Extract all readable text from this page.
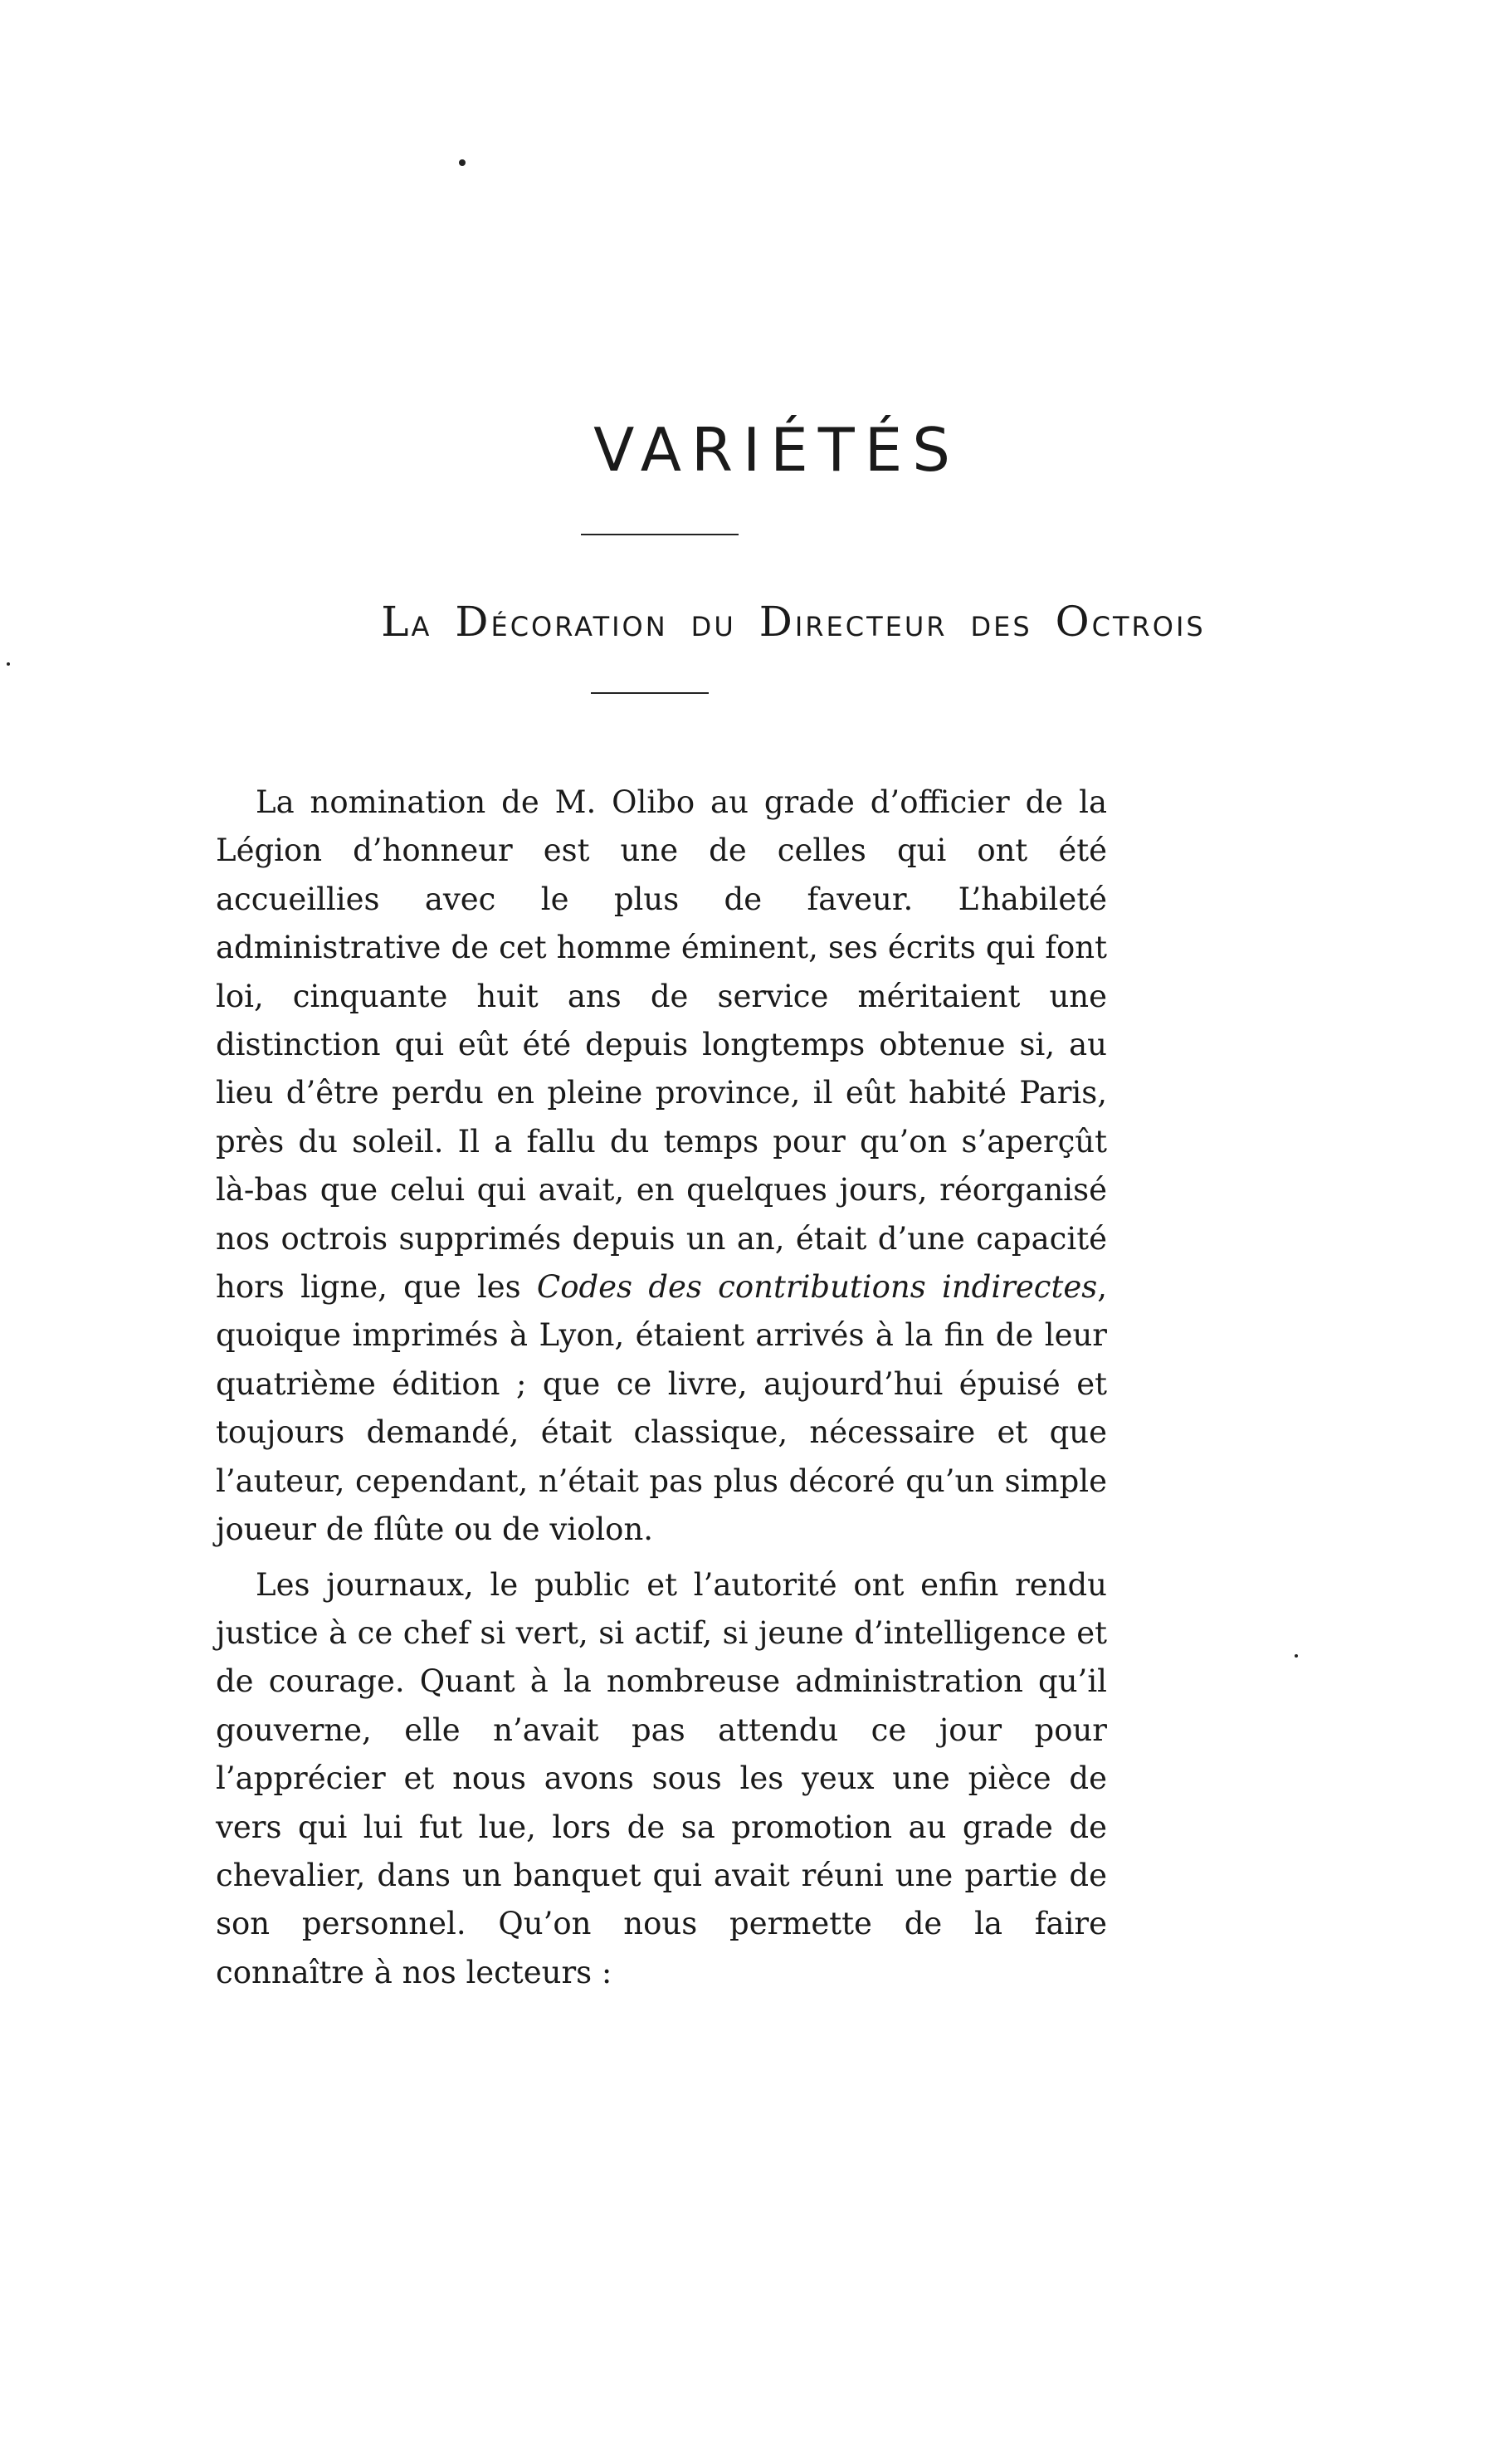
VARIÉTÉS
LA DÉCORATION DU DIRECTEUR DES OCTROIS

La nomination de M. Olibo au grade d’officier de la Légion d’honneur est une de celles qui ont été accueillies avec le plus de faveur. L’habileté administrative de cet homme éminent, ses écrits qui font loi, cinquante huit ans de service méritaient une distinction qui eût été depuis longtemps obtenue si, au lieu d’être perdu en pleine province, il eût habité Paris, près du soleil. Il a fallu du temps pour qu’on s’aperçût là-bas que celui qui avait, en quelques jours, réorganisé nos octrois supprimés depuis un an, était d’une capacité hors ligne, que les Codes des contributions indirectes, quoique imprimés à Lyon, étaient arrivés à la fin de leur quatrième édition ; que ce livre, aujourd’hui épuisé et toujours demandé, était classique, nécessaire et que l’auteur, cependant, n’était pas plus décoré qu’un simple joueur de flûte ou de violon.

Les journaux, le public et l’autorité ont enfin rendu justice à ce chef si vert, si actif, si jeune d’intelligence et de courage. Quant à la nombreuse administration qu’il gouverne, elle n’avait pas attendu ce jour pour l’apprécier et nous avons sous les yeux une pièce de vers qui lui fut lue, lors de sa promotion au grade de chevalier, dans un banquet qui avait réuni une partie de son personnel. Qu’on nous permette de la faire connaître à nos lecteurs :
